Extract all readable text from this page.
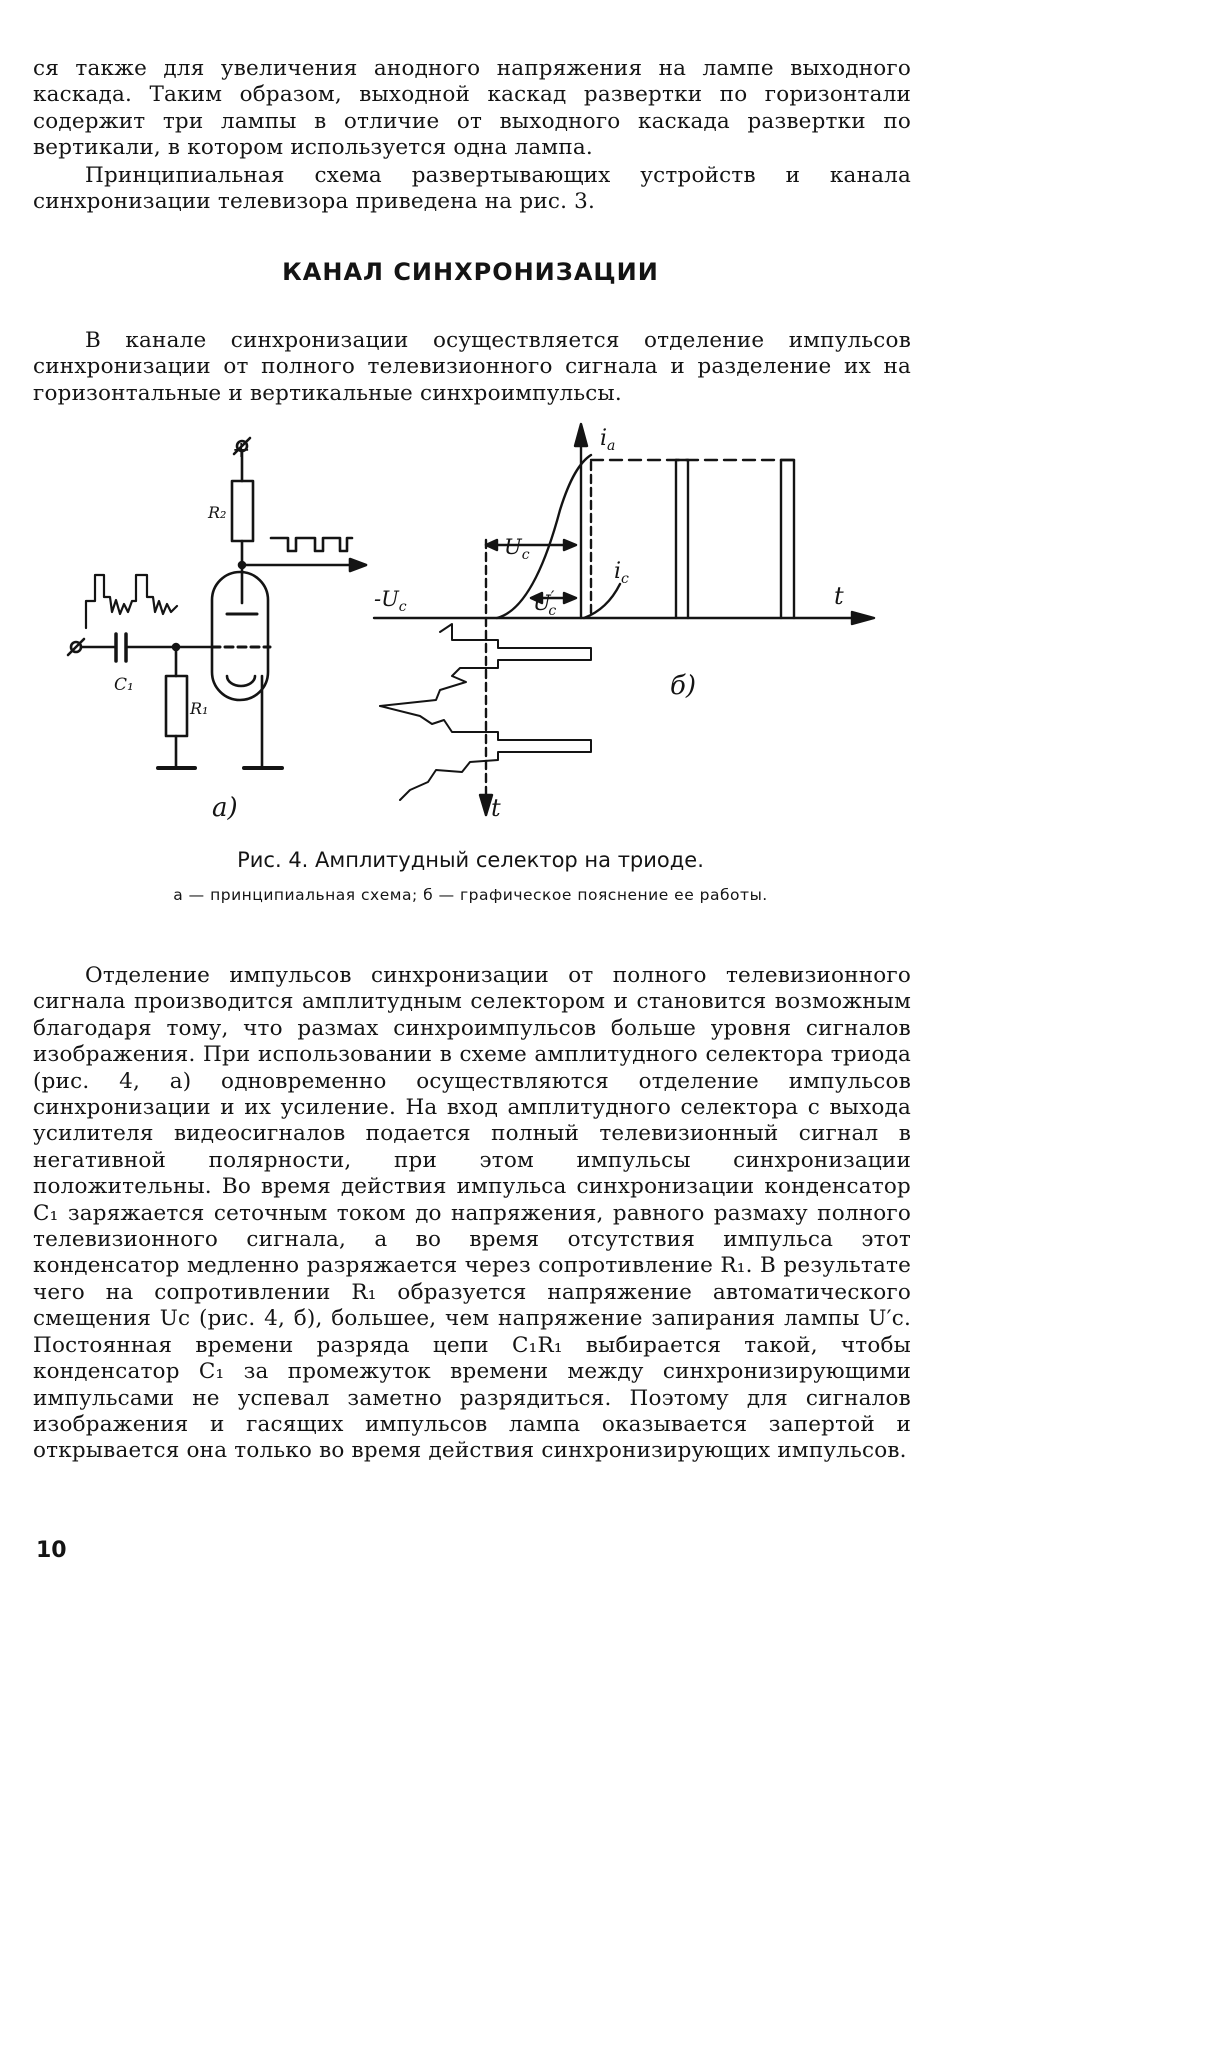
ся также для увеличения анодного напряжения на лампе выходного каскада. Таким образом, выходной каскад развертки по горизонтали содержит три лампы в отличие от выходного каскада развертки по вертикали, в котором используется одна лампа.

Принципиальная схема развертывающих устройств и канала синхронизации телевизора приведена на рис. 3.

КАНАЛ СИНХРОНИЗАЦИИ

В канале синхронизации осуществляется отделение импульсов синхронизации от полного телевизионного сигнала и разделение их на горизонтальные и вертикальные синхроимпульсы.

+
R₂
R₁
C₁
а)
$-U_c$
$U_c$
U′ c
$i_a$
$i_c$
t
t
б)
Рис. 4. Амплитудный селектор на триоде.
а — принципиальная схема; б — графическое пояснение ее работы.

Отделение импульсов синхронизации от полного телевизионного сигнала производится амплитудным селектором и становится возможным благодаря тому, что размах синхроимпульсов больше уровня сигналов изображения. При использовании в схеме амплитудного селектора триода (рис. 4, а) одновременно осуществляются отделение импульсов синхронизации и их усиление. На вход амплитудного селектора с выхода усилителя видеосигналов подается полный телевизионный сигнал в негативной полярности, при этом импульсы синхронизации положительны. Во время действия импульса синхронизации конденсатор C₁ заряжается сеточным током до напряжения, равного размаху полного телевизионного сигнала, а во время отсутствия импульса этот конденсатор медленно разряжается через сопротивление R₁. В результате чего на сопротивлении R₁ образуется напряжение автоматического смещения Uc (рис. 4, б), большее, чем напряжение запирания лампы U′c. Постоянная времени разряда цепи C₁R₁ выбирается такой, чтобы конденсатор C₁ за промежуток времени между синхронизирующими импульсами не успевал заметно разрядиться. Поэтому для сигналов изображения и гасящих импульсов лампа оказывается запертой и открывается она только во время действия синхронизирующих импульсов.

10
